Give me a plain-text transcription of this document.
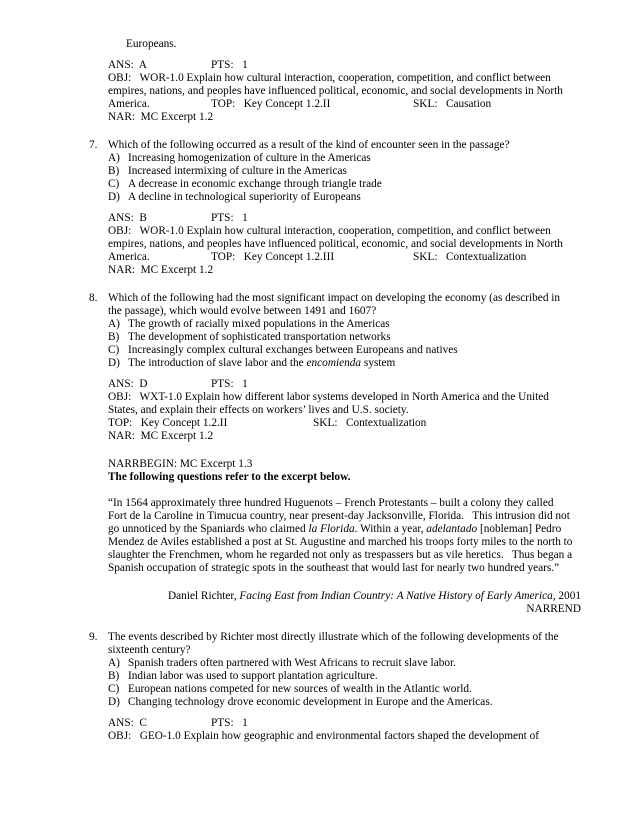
Europeans.
ANS:  A	PTS:   1
OBJ:   WOR-1.0 Explain how cultural interaction, cooperation, competition, and conflict between
empires, nations, and peoples have influenced political, economic, and social developments in North
America.	TOP:   Key Concept 1.2.II	SKL:   Causation
NAR:  MC Excerpt 1.2
7. Which of the following occurred as a result of the kind of encounter seen in the passage?
A) Increasing homogenization of culture in the Americas
B) Increased intermixing of culture in the Americas
C) A decrease in economic exchange through triangle trade
D) A decline in technological superiority of Europeans
ANS:  B	PTS:   1
OBJ:   WOR-1.0 Explain how cultural interaction, cooperation, competition, and conflict between
empires, nations, and peoples have influenced political, economic, and social developments in North
America.	TOP:   Key Concept 1.2.III	SKL:   Contextualization
NAR:  MC Excerpt 1.2
8. Which of the following had the most significant impact on developing the economy (as described in
the passage), which would evolve between 1491 and 1607?
A) The growth of racially mixed populations in the Americas
B) The development of sophisticated transportation networks
C) Increasingly complex cultural exchanges between Europeans and natives
D) The introduction of slave labor and the encomienda system
ANS:  D	PTS:   1
OBJ:   WXT-1.0 Explain how different labor systems developed in North America and the United
States, and explain their effects on workers’ lives and U.S. society.
TOP:   Key Concept 1.2.II	SKL:   Contextualization
NAR:  MC Excerpt 1.2
NARRBEGIN: MC Excerpt 1.3
The following questions refer to the excerpt below.
“In 1564 approximately three hundred Huguenots – French Protestants – built a colony they called
Fort de la Caroline in Timucua country, near present-day Jacksonville, Florida.   This intrusion did not
go unnoticed by the Spaniards who claimed la Florida. Within a year, adelantado [nobleman] Pedro
Mendez de Aviles established a post at St. Augustine and marched his troops forty miles to the north to
slaughter the Frenchmen, whom he regarded not only as trespassers but as vile heretics.   Thus began a
Spanish occupation of strategic spots in the southeast that would last for nearly two hundred years.”
Daniel Richter, Facing East from Indian Country: A Native History of Early America, 2001
NARREND
9. The events described by Richter most directly illustrate which of the following developments of the
sixteenth century?
A) Spanish traders often partnered with West Africans to recruit slave labor.
B) Indian labor was used to support plantation agriculture.
C) European nations competed for new sources of wealth in the Atlantic world.
D) Changing technology drove economic development in Europe and the Americas.
ANS:  C	PTS:   1
OBJ:   GEO-1.0 Explain how geographic and environmental factors shaped the development of
